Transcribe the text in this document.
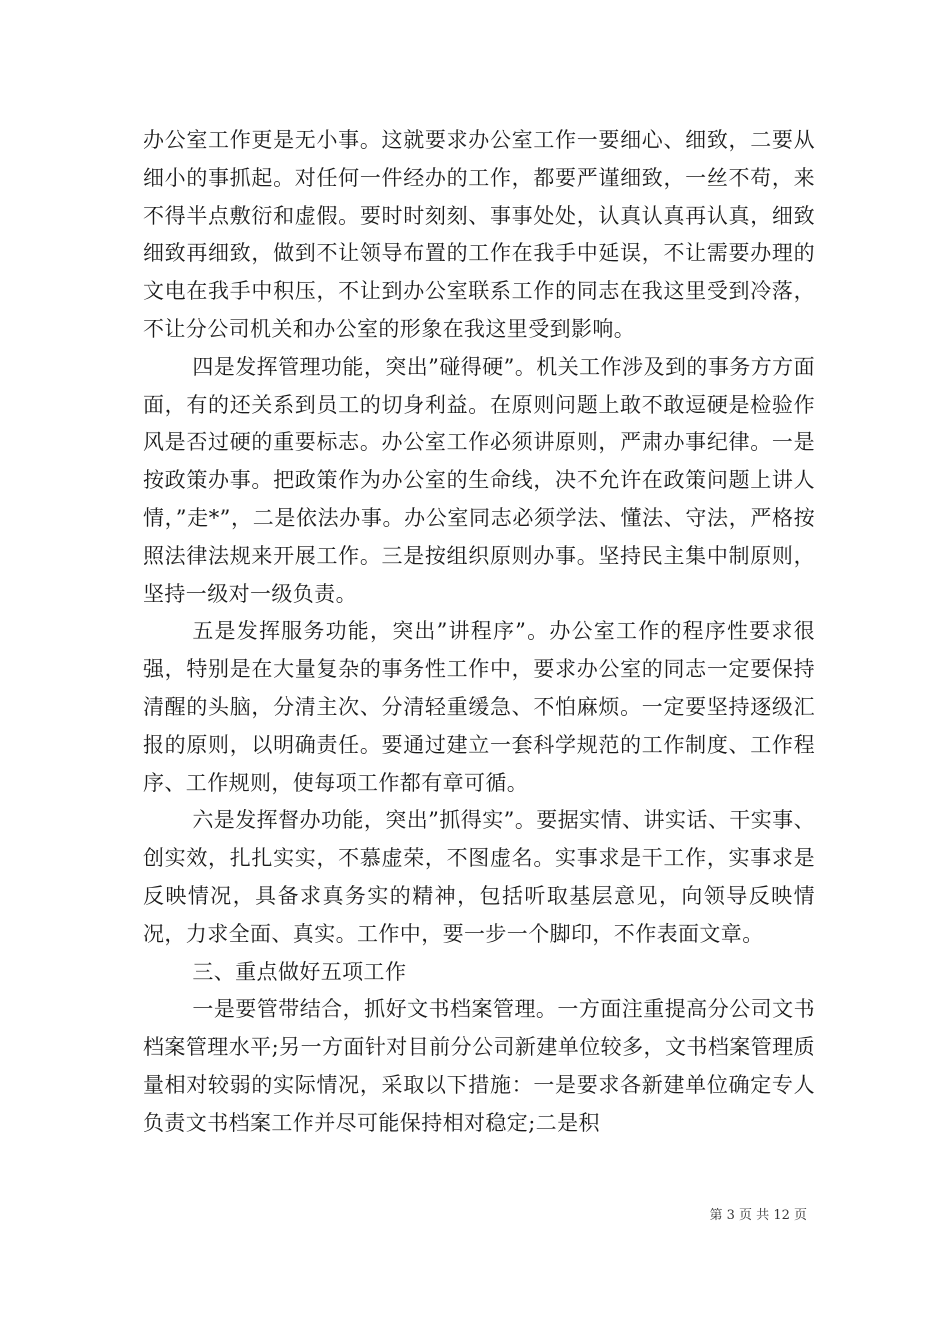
办公室工作更是无小事。这就要求办公室工作一要细心、细致，二要从细小的事抓起。对任何一件经办的工作，都要严谨细致，一丝不苟，来不得半点敷衍和虚假。要时时刻刻、事事处处，认真认真再认真，细致细致再细致，做到不让领导布置的工作在我手中延误，不让需要办理的文电在我手中积压，不让到办公室联系工作的同志在我这里受到冷落，不让分公司机关和办公室的形象在我这里受到影响。

四是发挥管理功能，突出”碰得硬”。机关工作涉及到的事务方方面面，有的还关系到员工的切身利益。在原则问题上敢不敢逗硬是检验作风是否过硬的重要标志。办公室工作必须讲原则，严肃办事纪律。一是按政策办事。把政策作为办公室的生命线，决不允许在政策问题上讲人情，”走*”，二是依法办事。办公室同志必须学法、懂法、守法，严格按照法律法规来开展工作。三是按组织原则办事。坚持民主集中制原则，坚持一级对一级负责。

五是发挥服务功能，突出”讲程序”。办公室工作的程序性要求很强，特别是在大量复杂的事务性工作中，要求办公室的同志一定要保持清醒的头脑，分清主次、分清轻重缓急、不怕麻烦。一定要坚持逐级汇报的原则，以明确责任。要通过建立一套科学规范的工作制度、工作程序、工作规则，使每项工作都有章可循。

六是发挥督办功能，突出”抓得实”。要据实情、讲实话、干实事、创实效，扎扎实实，不慕虚荣，不图虚名。实事求是干工作，实事求是反映情况，具备求真务实的精神，包括听取基层意见，向领导反映情况，力求全面、真实。工作中，要一步一个脚印，不作表面文章。

三、重点做好五项工作

一是要管带结合，抓好文书档案管理。一方面注重提高分公司文书档案管理水平;另一方面针对目前分公司新建单位较多，文书档案管理质量相对较弱的实际情况，采取以下措施：一是要求各新建单位确定专人负责文书档案工作并尽可能保持相对稳定;二是积

第 3 页 共 12 页
